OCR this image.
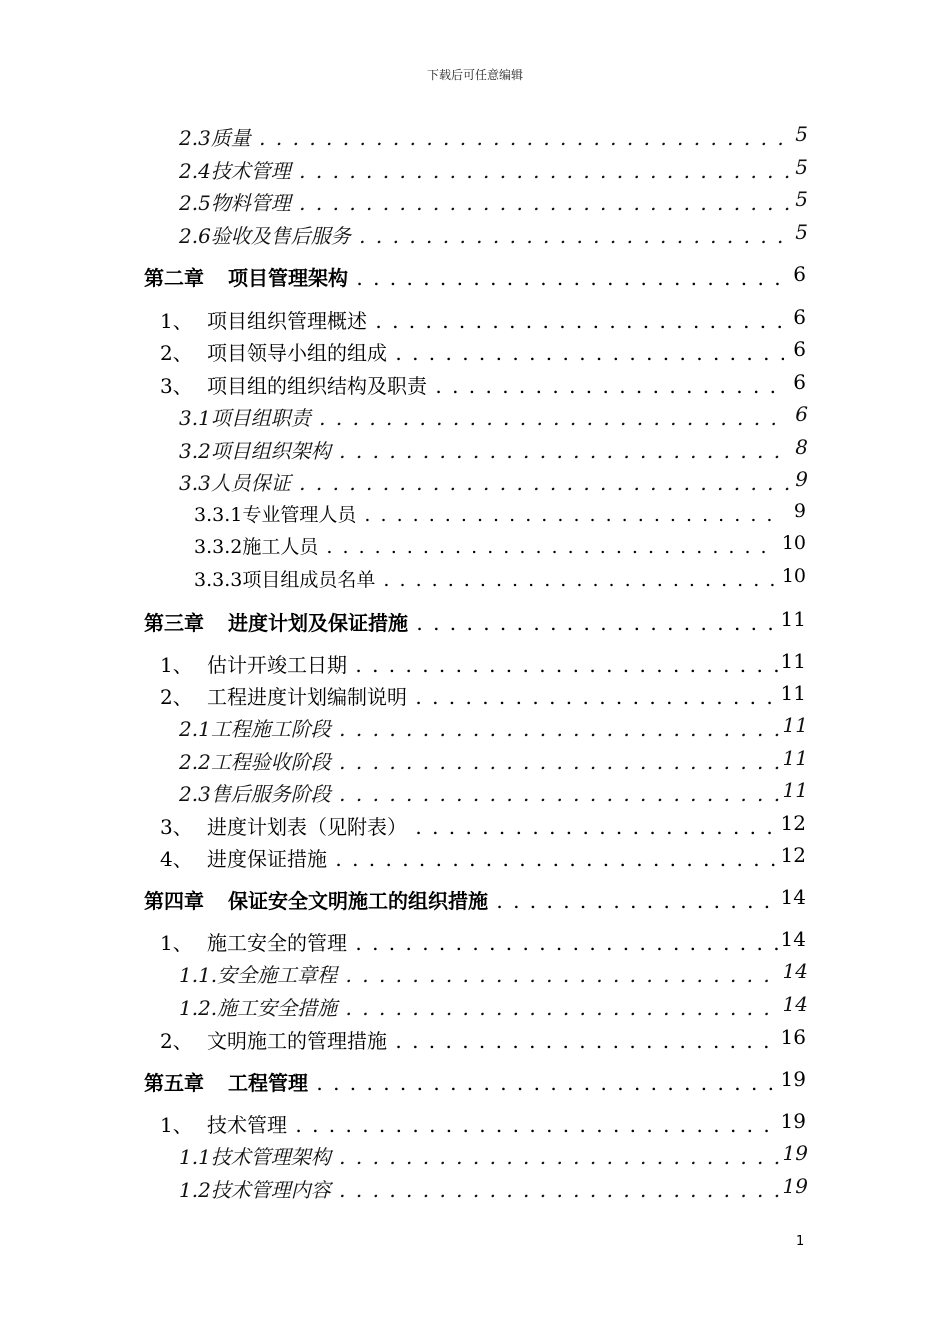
下载后可任意编辑
2.3质量 . . .	5
2.4技术管理 . . .	5
2.5物料管理 . . .	5
2.6验收及售后服务 . . .	5
第二章 项目管理架构 . . .	6
1、 项目组织管理概述 . . .	6
2、 项目领导小组的组成 . . .	6
3、 项目组的组织结构及职责 . . .	6
3.1项目组职责 . . .	6
3.2项目组织架构 . . .	8
3.3人员保证 . . .	9
3.3.1专业管理人员 . . .	9
3.3.2施工人员 . . .	10
3.3.3项目组成员名单 . . .	10
第三章 进度计划及保证措施 . . .	11
1、 估计开竣工日期 . . .	11
2、 工程进度计划编制说明 . . .	11
2.1工程施工阶段 . . .	11
2.2工程验收阶段 . . .	11
2.3售后服务阶段 . . .	11
3、 进度计划表（见附表） . . .	12
4、 进度保证措施 . . .	12
第四章 保证安全文明施工的组织措施 . . .	14
1、 施工安全的管理 . . .	14
1.1.安全施工章程 . . .	14
1.2.施工安全措施 . . .	14
2、 文明施工的管理措施 . . .	16
第五章 工程管理 . . .	19
1、 技术管理 . . .	19
1.1技术管理架构 . . .	19
1.2技术管理内容 . . .	19
1
